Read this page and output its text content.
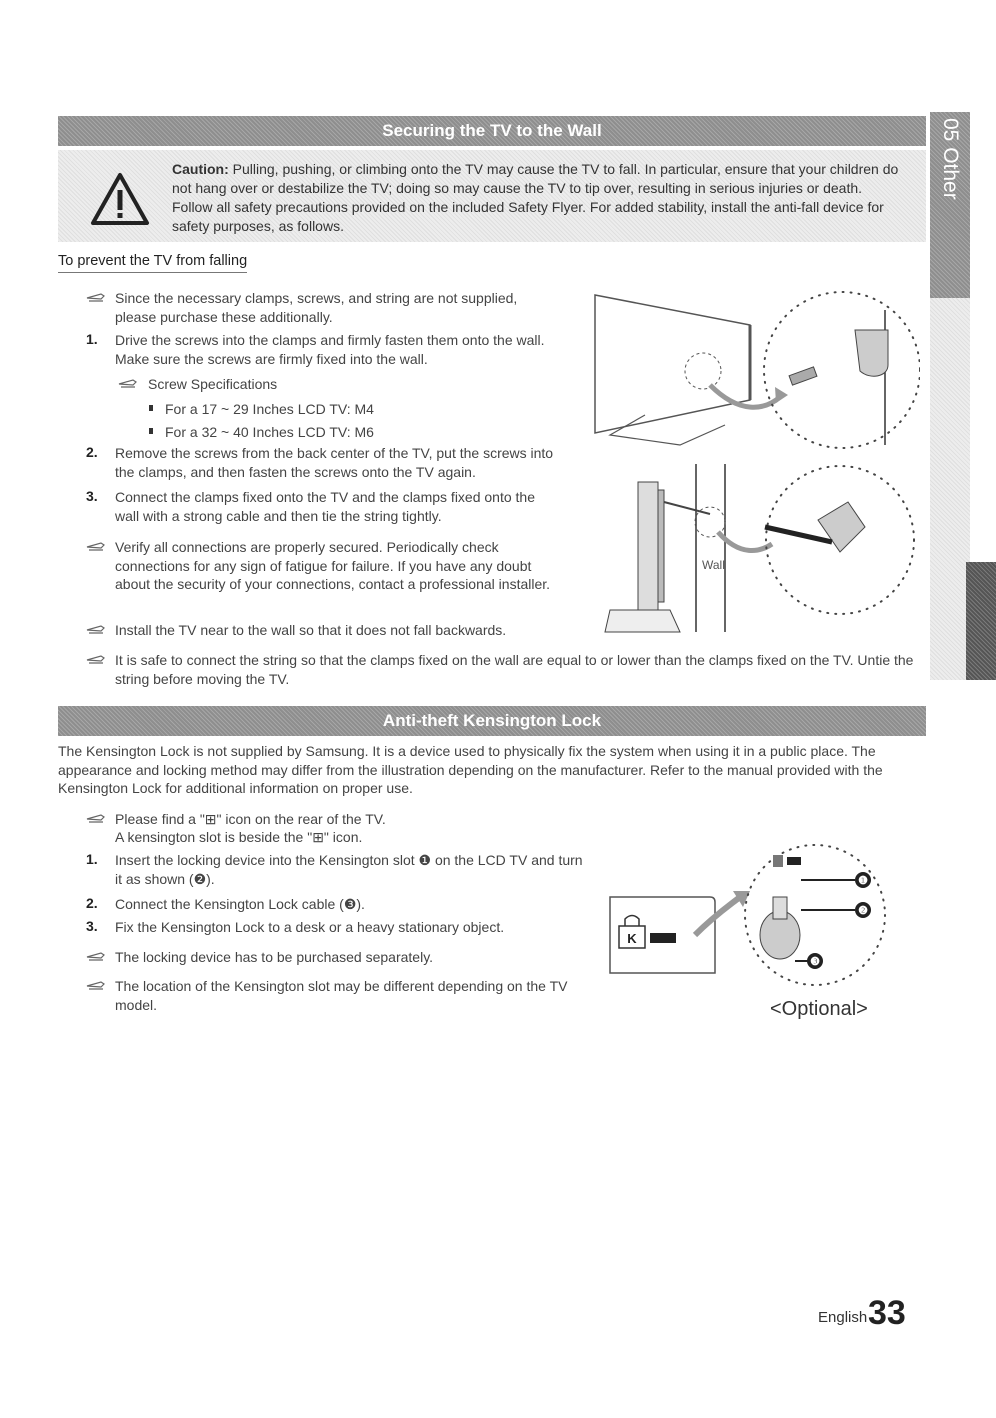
05 Other
Securing the TV to the Wall
Caution: Pulling, pushing, or climbing onto the TV may cause the TV to fall. In particular, ensure that your children do not hang over or destabilize the TV; doing so may cause the TV to tip over, resulting in serious injuries or death. Follow all safety precautions provided on the included Safety Flyer. For added stability, install the anti-fall device for safety purposes, as follows.
To prevent the TV from falling
Since the necessary clamps, screws, and string are not supplied, please purchase these additionally.
1. Drive the screws into the clamps and firmly fasten them onto the wall. Make sure the screws are firmly fixed into the wall.
Screw Specifications
For a 17 ~ 29 Inches LCD TV: M4
For a 32 ~ 40 Inches LCD TV: M6
2. Remove the screws from the back center of the TV, put the screws into the clamps, and then fasten the screws onto the TV again.
3. Connect the clamps fixed onto the TV and the clamps fixed onto the wall with a strong cable and then tie the string tightly.
Verify all connections are properly secured. Periodically check connections for any sign of fatigue for failure. If you have any doubt about the security of your connections, contact a professional installer.
Install the TV near to the wall so that it does not fall backwards.
It is safe to connect the string so that the clamps fixed on the wall are equal to or lower than the clamps fixed on the TV. Untie the string before moving the TV.
Wall
Anti-theft Kensington Lock
The Kensington Lock is not supplied by Samsung. It is a device used to physically fix the system when using it in a public place. The appearance and locking method may differ from the illustration depending on the manufacturer. Refer to the manual provided with the Kensington Lock for additional information on proper use.
Please find a "⊞" icon on the rear of the TV.
A kensington slot is beside the "⊞" icon.
1. Insert the locking device into the Kensington slot ❶ on the LCD TV and turn it as shown (❷).
2. Connect the Kensington Lock cable (❸).
3. Fix the Kensington Lock to a desk or a heavy stationary object.
The locking device has to be purchased separately.
The location of the Kensington slot may be different depending on the TV model.
❶
❷
❸
K
<Optional>
English 33
